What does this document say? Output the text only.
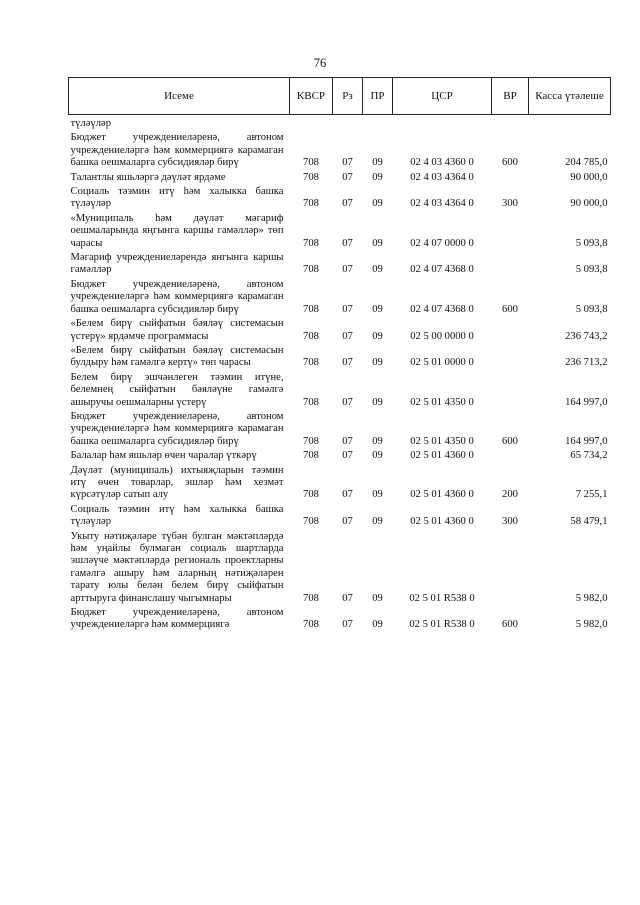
76
Исеме	КВСР	Рз	ПР	ЦСР	ВР	Касса үтәлеше
түләүләр						
Бюджет учреждениеләренә, автоном учреждениеләргә һәм коммерциягә карамаган башка оешмаларга субсидияләр бирү	708	07	09	02 4 03 4360 0	600	204 785,0
Талантлы яшьләргә дәүләт ярдәме	708	07	09	02 4 03 4364 0		90 000,0
Социаль тәэмин итү һәм халыкка башка түләүләр	708	07	09	02 4 03 4364 0	300	90 000,0
«Муниципаль һәм дәүләт мәгариф оешмаларында яңгынга каршы гамәлләр» төп чарасы	708	07	09	02 4 07 0000 0		5 093,8
Мәгариф учреждениеләрендә янгынга каршы гамәлләр	708	07	09	02 4 07 4368 0		5 093,8
Бюджет учреждениеләренә, автоном учреждениеләргә һәм коммерциягә карамаган башка оешмаларга субсидияләр бирү	708	07	09	02 4 07 4368 0	600	5 093,8
«Белем бирү сыйфатын бәяләү системасын үстерү» ярдәмче программасы	708	07	09	02 5 00 0000 0		236 743,2
«Белем бирү сыйфатын бәяләү системасын булдыру һәм гамәлгә кертү» төп чарасы	708	07	09	02 5 01 0000 0		236 713,2
Белем бирү эшчәнлеген тәэмин итүне, белемнең сыйфатын бәяләүне гамәлгә ашыручы оешмаларны үстерү	708	07	09	02 5 01 4350 0		164 997,0
Бюджет учреждениеләренә, автоном учреждениеләргә һәм коммерциягә карамаган башка оешмаларга субсидияләр бирү	708	07	09	02 5 01 4350 0	600	164 997,0
Балалар һәм яшьләр өчен чаралар үткәрү	708	07	09	02 5 01 4360 0		65 734,2
Дәүләт (муниципаль) ихтыяҗларын тәэмин итү өчен товарлар, эшләр һәм хезмәт күрсәтүләр сатып алу	708	07	09	02 5 01 4360 0	200	7 255,1
Социаль тәэмин итү һәм халыкка башка түләүләр	708	07	09	02 5 01 4360 0	300	58 479,1
Укыту нәтиҗәләре түбән булган мәктәпләрдә һәм уңайлы булмаган социаль шартларда эшләүче мәктәпләрдә региональ проектларны гамәлгә ашыру һәм аларның нәтиҗәләрен тарату юлы белән белем бирү сыйфатын арттыруга финанслашу чыгымнары	708	07	09	02 5 01 R538 0		5 982,0
Бюджет учреждениеләренә, автоном учреждениеләргә һәм коммерциягә	708	07	09	02 5 01 R538 0	600	5 982,0
